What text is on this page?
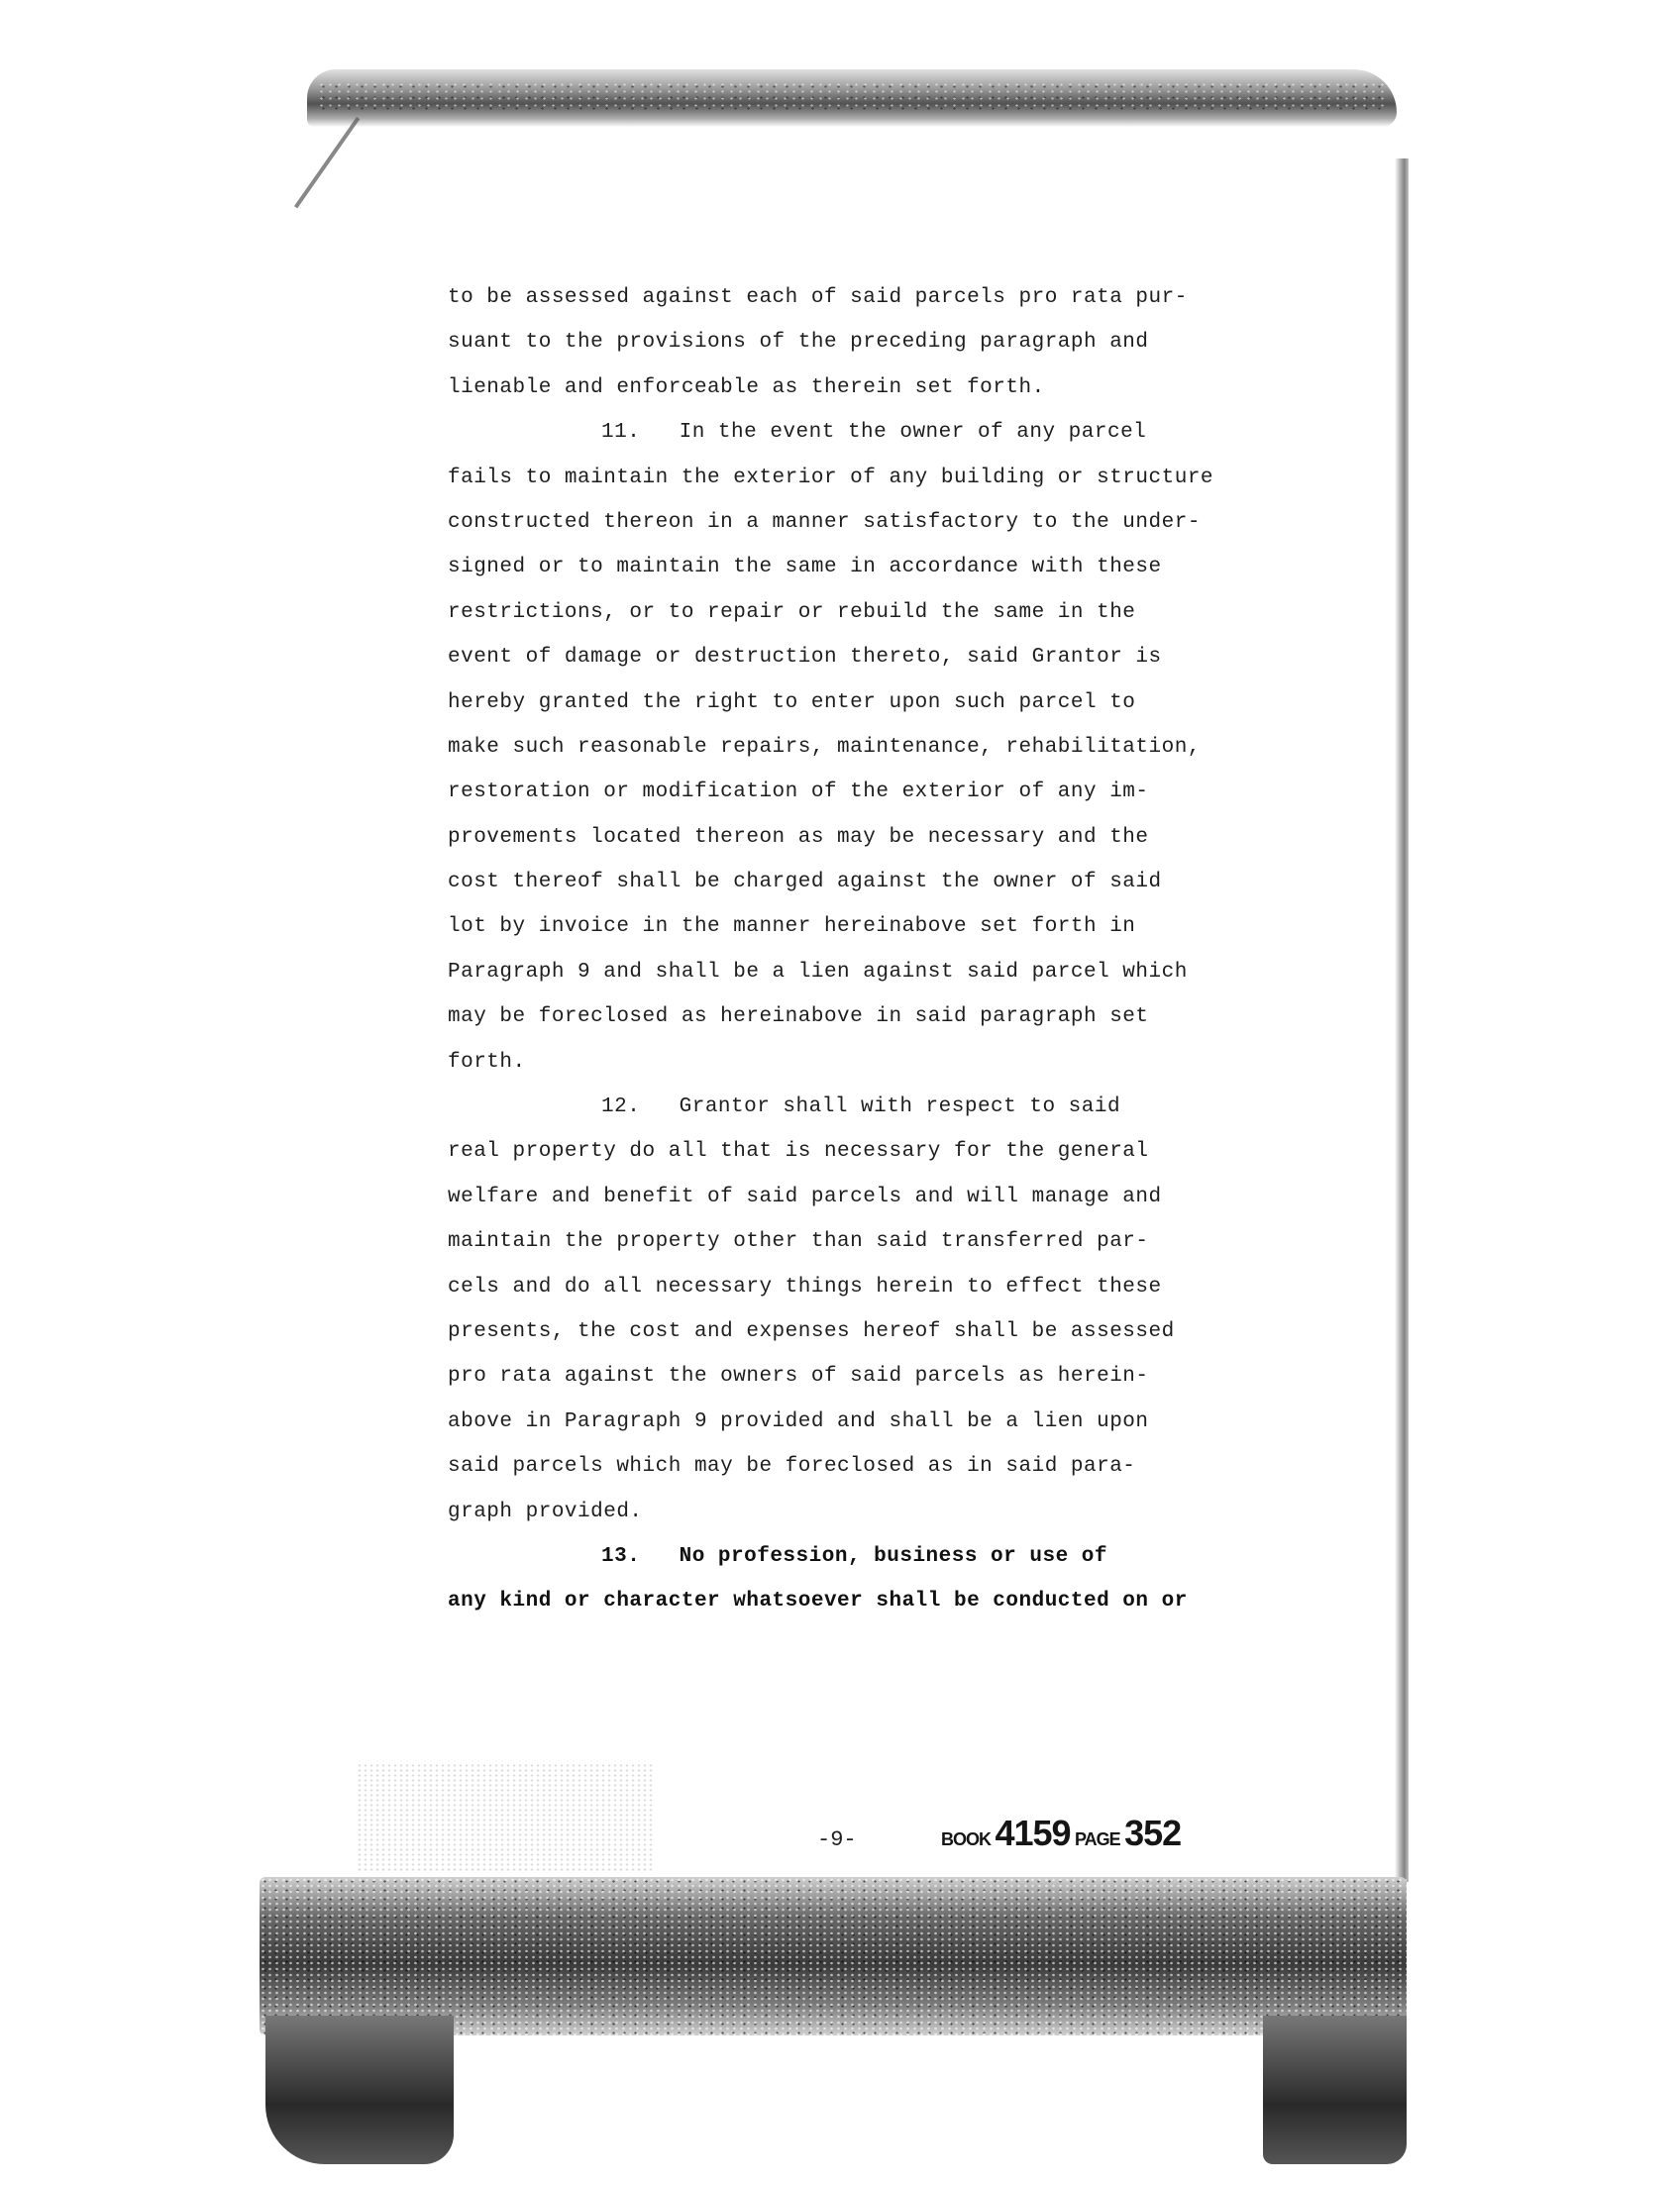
to be assessed against each of said parcels pro rata pur-
suant to the provisions of the preceding paragraph and
lienable and enforceable as therein set forth.
11.   In the event the owner of any parcel
fails to maintain the exterior of any building or structure
constructed thereon in a manner satisfactory to the under-
signed or to maintain the same in accordance with these
restrictions, or to repair or rebuild the same in the
event of damage or destruction thereto, said Grantor is
hereby granted the right to enter upon such parcel to
make such reasonable repairs, maintenance, rehabilitation,
restoration or modification of the exterior of any im-
provements located thereon as may be necessary and the
cost thereof shall be charged against the owner of said
lot by invoice in the manner hereinabove set forth in
Paragraph 9 and shall be a lien against said parcel which
may be foreclosed as hereinabove in said paragraph set
forth.
12.   Grantor shall with respect to said
real property do all that is necessary for the general
welfare and benefit of said parcels and will manage and
maintain the property other than said transferred par-
cels and do all necessary things herein to effect these
presents, the cost and expenses hereof shall be assessed
pro rata against the owners of said parcels as herein-
above in Paragraph 9 provided and shall be a lien upon
said parcels which may be foreclosed as in said para-
graph provided.
13.   No profession, business or use of
any kind or character whatsoever shall be conducted on or
-9-	BOOK 4159 PAGE 352
